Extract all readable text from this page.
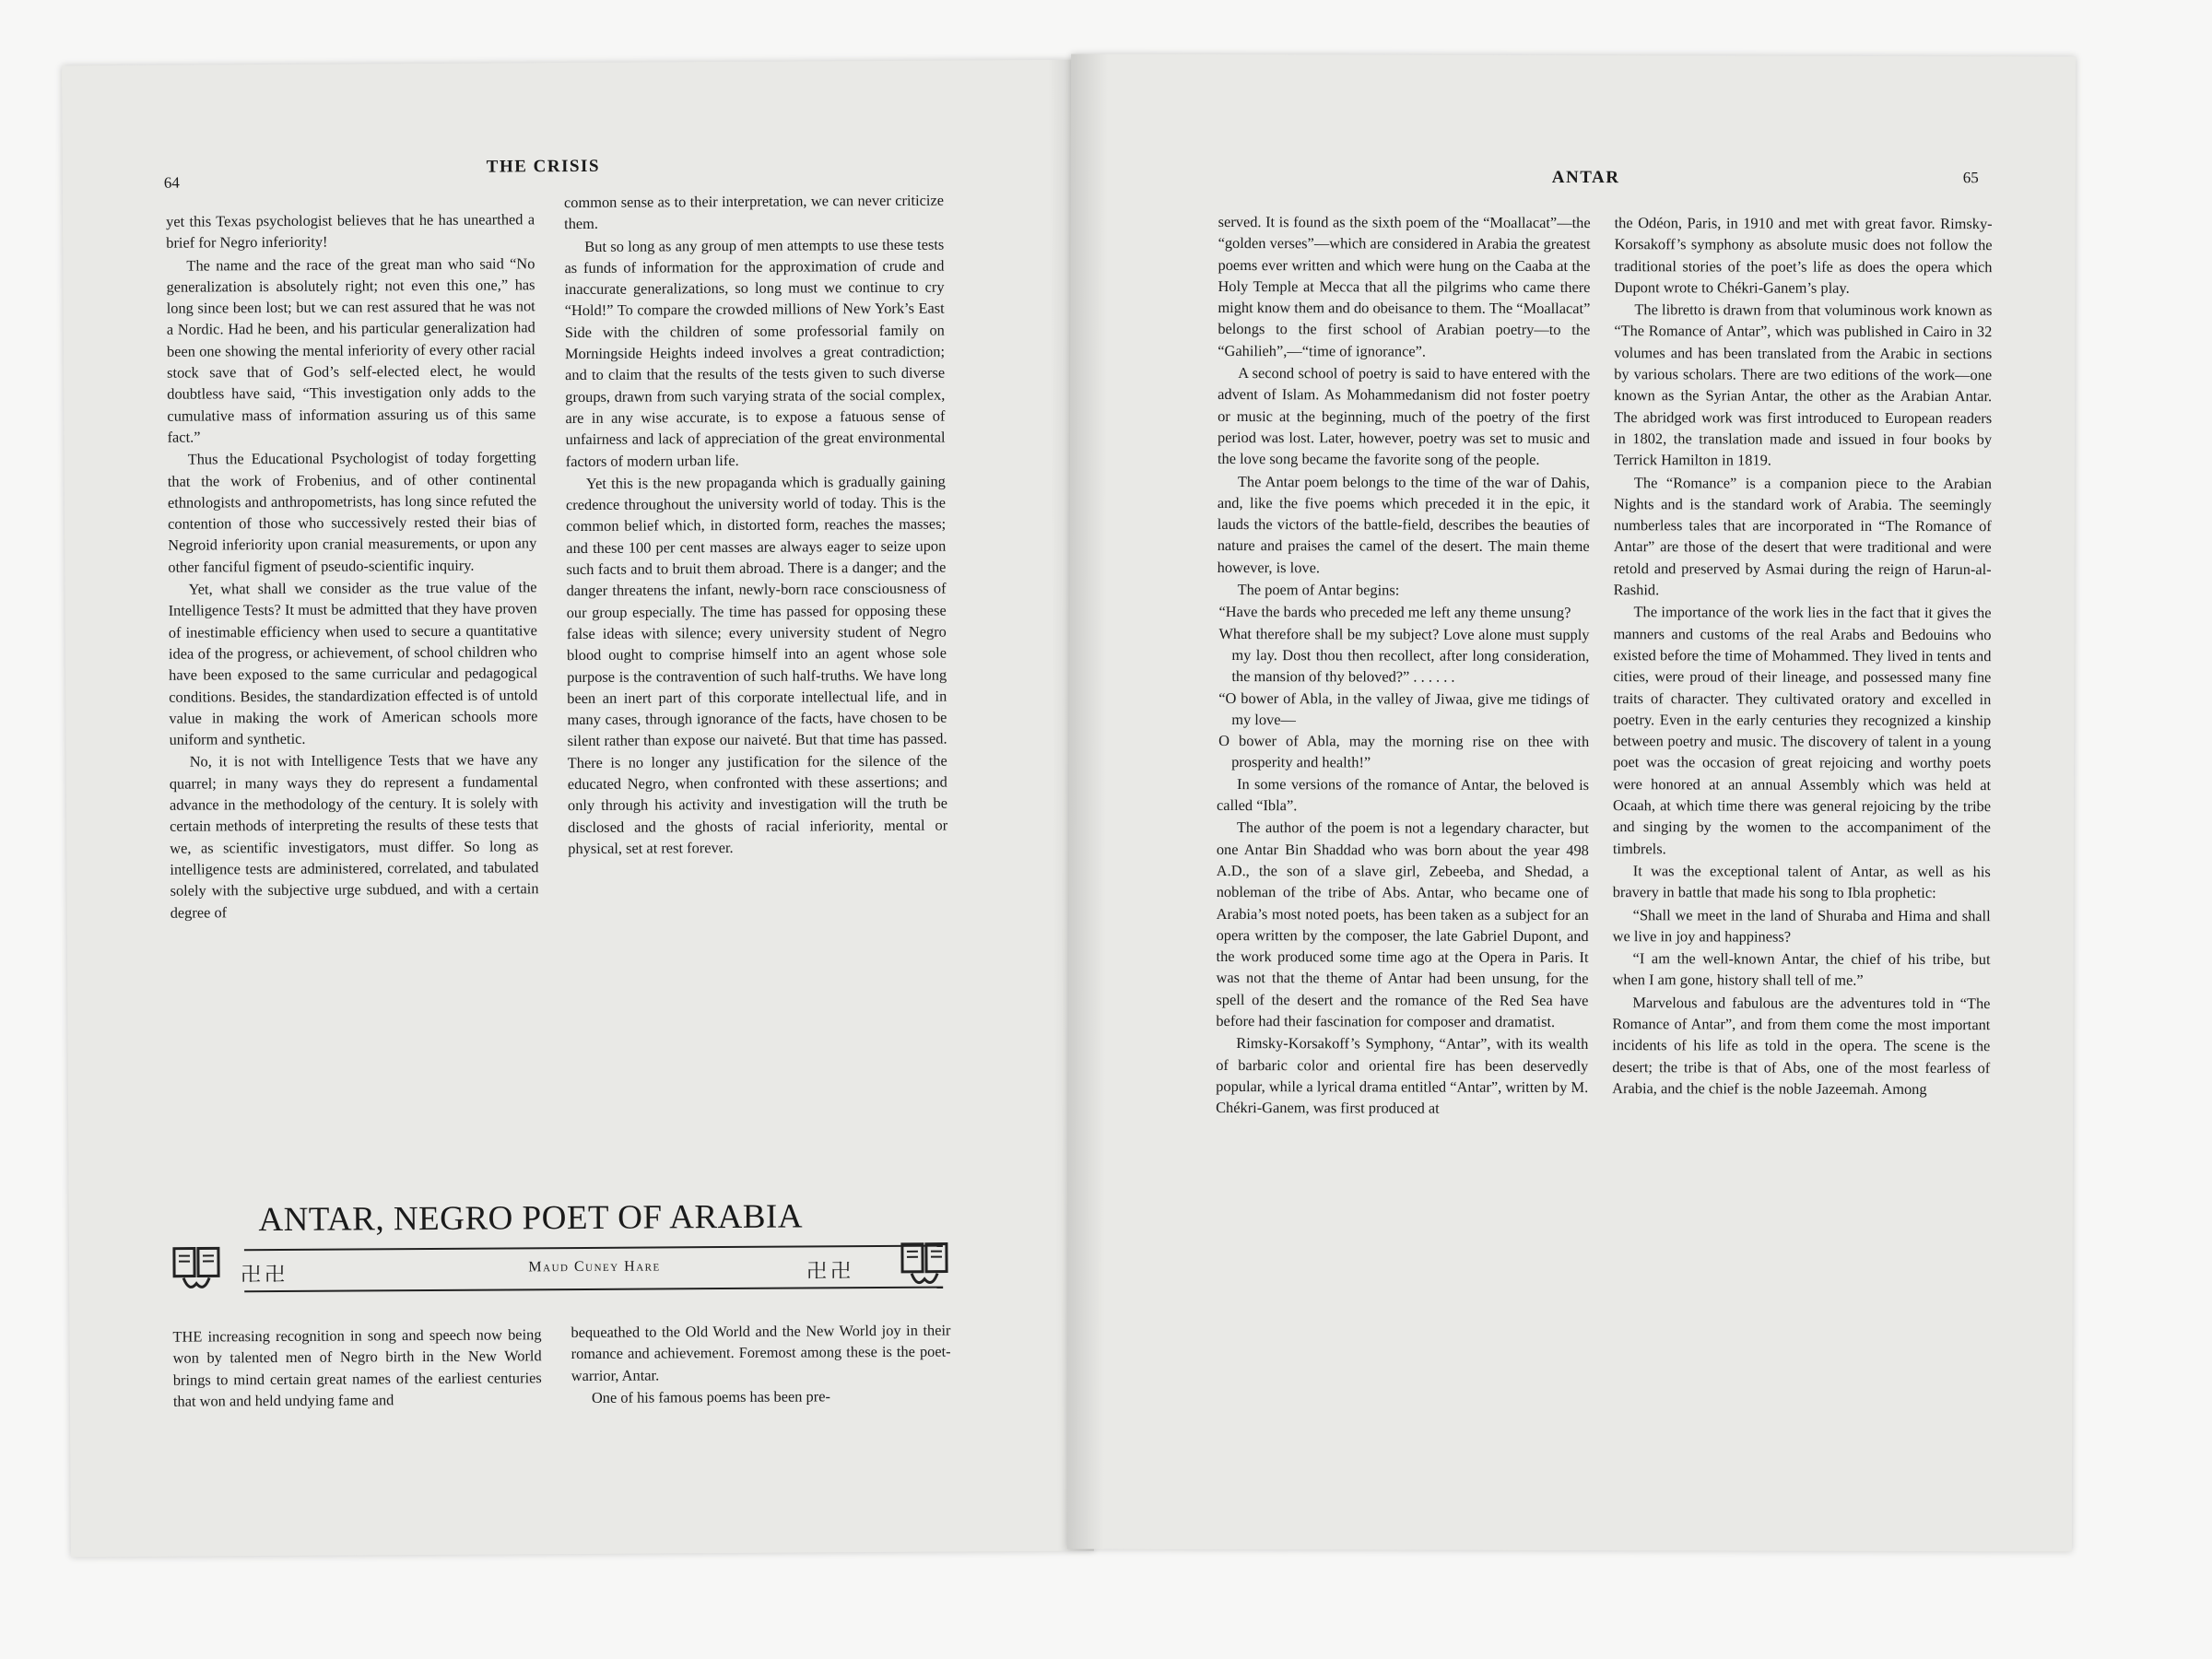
64
THE CRISIS

yet this Texas psychologist believes that he has unearthed a brief for Negro inferiority!

The name and the race of the great man who said “No generalization is absolutely right; not even this one,” has long since been lost; but we can rest assured that he was not a Nordic. Had he been, and his particular generalization had been one showing the mental inferiority of every other racial stock save that of God’s self-elected elect, he would doubtless have said, “This investigation only adds to the cumulative mass of information assuring us of this same fact.”

Thus the Educational Psychologist of today forgetting that the work of Frobenius, and of other continental ethnologists and anthropometrists, has long since refuted the contention of those who successively rested their bias of Negroid inferiority upon cranial measurements, or upon any other fanciful figment of pseudo-scientific inquiry.

Yet, what shall we consider as the true value of the Intelligence Tests? It must be admitted that they have proven of inestimable efficiency when used to secure a quantitative idea of the progress, or achievement, of school children who have been exposed to the same curricular and pedagogical conditions. Besides, the standardization effected is of untold value in making the work of American schools more uniform and synthetic.

No, it is not with Intelligence Tests that we have any quarrel; in many ways they do represent a fundamental advance in the methodology of the century. It is solely with certain methods of interpreting the results of these tests that we, as scientific investigators, must differ. So long as intelligence tests are administered, correlated, and tabulated solely with the subjective urge subdued, and with a certain degree of

common sense as to their interpretation, we can never criticize them.

But so long as any group of men attempts to use these tests as funds of information for the approximation of crude and inaccurate generalizations, so long must we continue to cry “Hold!” To compare the crowded millions of New York’s East Side with the children of some professorial family on Morningside Heights indeed involves a great contradiction; and to claim that the results of the tests given to such diverse groups, drawn from such varying strata of the social complex, are in any wise accurate, is to expose a fatuous sense of unfairness and lack of appreciation of the great environmental factors of modern urban life.

Yet this is the new propaganda which is gradually gaining credence throughout the university world of today. This is the common belief which, in distorted form, reaches the masses; and these 100 per cent masses are always eager to seize upon such facts and to bruit them abroad. There is a danger; and the danger threatens the infant, newly-born race consciousness of our group especially. The time has passed for opposing these false ideas with silence; every university student of Negro blood ought to comprise himself into an agent whose sole purpose is the contravention of such half-truths. We have long been an inert part of this corporate intellectual life, and in many cases, through ignorance of the facts, have chosen to be silent rather than expose our naiveté. But that time has passed. There is no longer any justification for the silence of the educated Negro, when confronted with these assertions; and only through his activity and investigation will the truth be disclosed and the ghosts of racial inferiority, mental or physical, set at rest forever.

ANTAR, NEGRO POET OF ARABIA
卍卍	Maud Cuney Hare	卍卍

THE increasing recognition in song and speech now being won by talented men of Negro birth in the New World brings to mind certain great names of the earliest centuries that won and held undying fame and

bequeathed to the Old World and the New World joy in their romance and achievement. Foremost among these is the poet-warrior, Antar.

One of his famous poems has been pre-

ANTAR	65

served. It is found as the sixth poem of the “Moallacat”—the “golden verses”—which are considered in Arabia the greatest poems ever written and which were hung on the Caaba at the Holy Temple at Mecca that all the pilgrims who came there might know them and do obeisance to them. The “Moallacat” belongs to the first school of Arabian poetry—to the “Gahilieh”,—“time of ignorance”.

A second school of poetry is said to have entered with the advent of Islam. As Mohammedanism did not foster poetry or music at the beginning, much of the poetry of the first period was lost. Later, however, poetry was set to music and the love song became the favorite song of the people.

The Antar poem belongs to the time of the war of Dahis, and, like the five poems which preceded it in the epic, it lauds the victors of the battle-field, describes the beauties of nature and praises the camel of the desert. The main theme however, is love.

The poem of Antar begins:

“Have the bards who preceded me left any theme unsung?

What therefore shall be my subject? Love alone must supply my lay. Dost thou then recollect, after long consideration, the mansion of thy beloved?” . . . . . .

“O bower of Abla, in the valley of Jiwaa, give me tidings of my love—

O bower of Abla, may the morning rise on thee with prosperity and health!”

In some versions of the romance of Antar, the beloved is called “Ibla”.

The author of the poem is not a legendary character, but one Antar Bin Shaddad who was born about the year 498 A.D., the son of a slave girl, Zebeeba, and Shedad, a nobleman of the tribe of Abs. Antar, who became one of Arabia’s most noted poets, has been taken as a subject for an opera written by the composer, the late Gabriel Dupont, and the work produced some time ago at the Opera in Paris. It was not that the theme of Antar had been unsung, for the spell of the desert and the romance of the Red Sea have before had their fascination for composer and dramatist.

Rimsky-Korsakoff’s Symphony, “Antar”, with its wealth of barbaric color and oriental fire has been deservedly popular, while a lyrical drama entitled “Antar”, written by M. Chékri-Ganem, was first produced at

the Odéon, Paris, in 1910 and met with great favor. Rimsky-Korsakoff’s symphony as absolute music does not follow the traditional stories of the poet’s life as does the opera which Dupont wrote to Chékri-Ganem’s play.

The libretto is drawn from that voluminous work known as “The Romance of Antar”, which was published in Cairo in 32 volumes and has been translated from the Arabic in sections by various scholars. There are two editions of the work—one known as the Syrian Antar, the other as the Arabian Antar. The abridged work was first introduced to European readers in 1802, the translation made and issued in four books by Terrick Hamilton in 1819.

The “Romance” is a companion piece to the Arabian Nights and is the standard work of Arabia. The seemingly numberless tales that are incorporated in “The Romance of Antar” are those of the desert that were traditional and were retold and preserved by Asmai during the reign of Harun-al-Rashid.

The importance of the work lies in the fact that it gives the manners and customs of the real Arabs and Bedouins who existed before the time of Mohammed. They lived in tents and cities, were proud of their lineage, and possessed many fine traits of character. They cultivated oratory and excelled in poetry. Even in the early centuries they recognized a kinship between poetry and music. The discovery of talent in a young poet was the occasion of great rejoicing and worthy poets were honored at an annual Assembly which was held at Ocaah, at which time there was general rejoicing by the tribe and singing by the women to the accompaniment of the timbrels.

It was the exceptional talent of Antar, as well as his bravery in battle that made his song to Ibla prophetic:

“Shall we meet in the land of Shuraba and Hima and shall we live in joy and happiness?

“I am the well-known Antar, the chief of his tribe, but when I am gone, history shall tell of me.”

Marvelous and fabulous are the adventures told in “The Romance of Antar”, and from them come the most important incidents of his life as told in the opera. The scene is the desert; the tribe is that of Abs, one of the most fearless of Arabia, and the chief is the noble Jazeemah. Among
